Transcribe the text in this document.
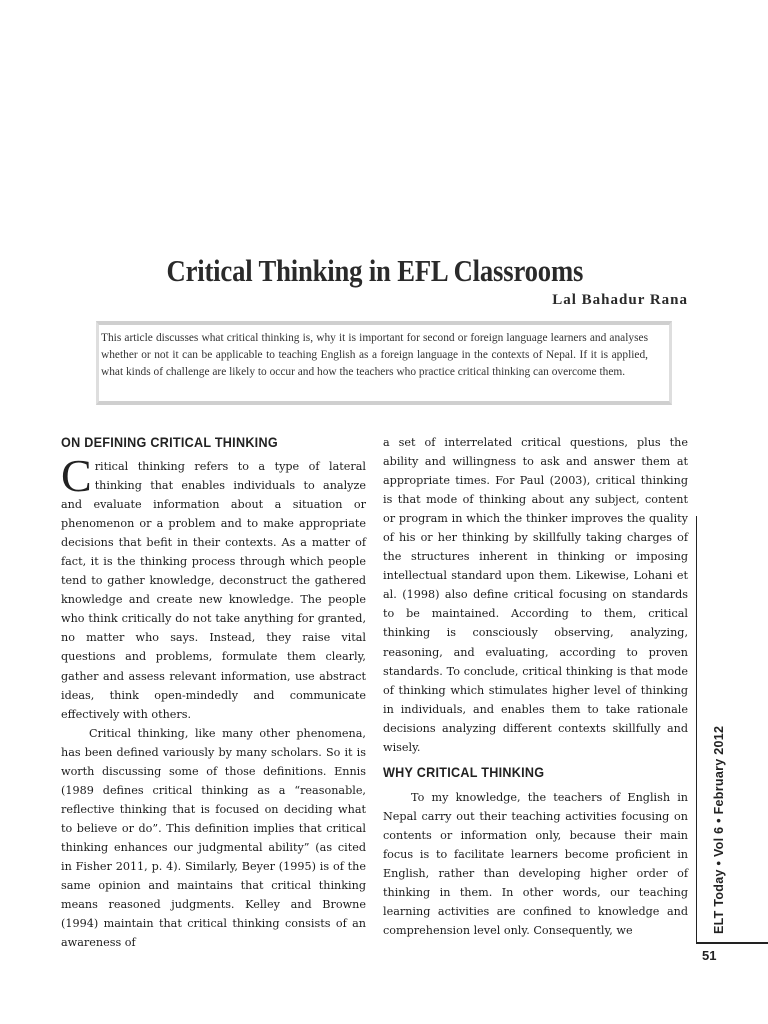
Critical Thinking in EFL Classrooms
Lal Bahadur Rana

This article discusses what critical thinking is, why it is important for second or foreign language learners and analyses whether or not it can be applicable to teaching English as a foreign language in the contexts of Nepal. If it is applied, what kinds of challenge are likely to occur and how the teachers who practice critical thinking can overcome them.

ON DEFINING CRITICAL THINKING

Critical thinking refers to a type of lateral thinking that enables individuals to analyze and evaluate information about a situation or phenomenon or a problem and to make appropriate decisions that befit in their contexts. As a matter of fact, it is the thinking process through which people tend to gather knowledge, deconstruct the gathered knowledge and create new knowledge. The people who think critically do not take anything for granted, no matter who says. Instead, they raise vital questions and problems, formulate them clearly, gather and assess relevant information, use abstract ideas, think open-mindedly and communicate effectively with others.

Critical thinking, like many other phenomena, has been defined variously by many scholars. So it is worth discussing some of those definitions. Ennis (1989 defines critical thinking as a “reasonable, reflective thinking that is focused on deciding what to believe or do”. This definition implies that critical thinking enhances our judgmental ability” (as cited in Fisher 2011, p. 4). Similarly, Beyer (1995) is of the same opinion and maintains that critical thinking means reasoned judgments. Kelley and Browne (1994) maintain that critical thinking consists of an awareness of

a set of interrelated critical questions, plus the ability and willingness to ask and answer them at appropriate times. For Paul (2003), critical thinking is that mode of thinking about any subject, content or program in which the thinker improves the quality of his or her thinking by skillfully taking charges of the structures inherent in thinking or imposing intellectual standard upon them. Likewise, Lohani et al. (1998) also define critical focusing on standards to be maintained. According to them, critical thinking is consciously observing, analyzing, reasoning, and evaluating, according to proven standards. To conclude, critical thinking is that mode of thinking which stimulates higher level of thinking in individuals, and enables them to take rationale decisions analyzing different contexts skillfully and wisely.

WHY CRITICAL THINKING

To my knowledge, the teachers of English in Nepal carry out their teaching activities focusing on contents or information only, because their main focus is to facilitate learners become proficient in English, rather than developing higher order of thinking in them. In other words, our teaching learning activities are confined to knowledge and comprehension level only. Consequently, we	ELT Today • Vol 6 • February 2012
51
